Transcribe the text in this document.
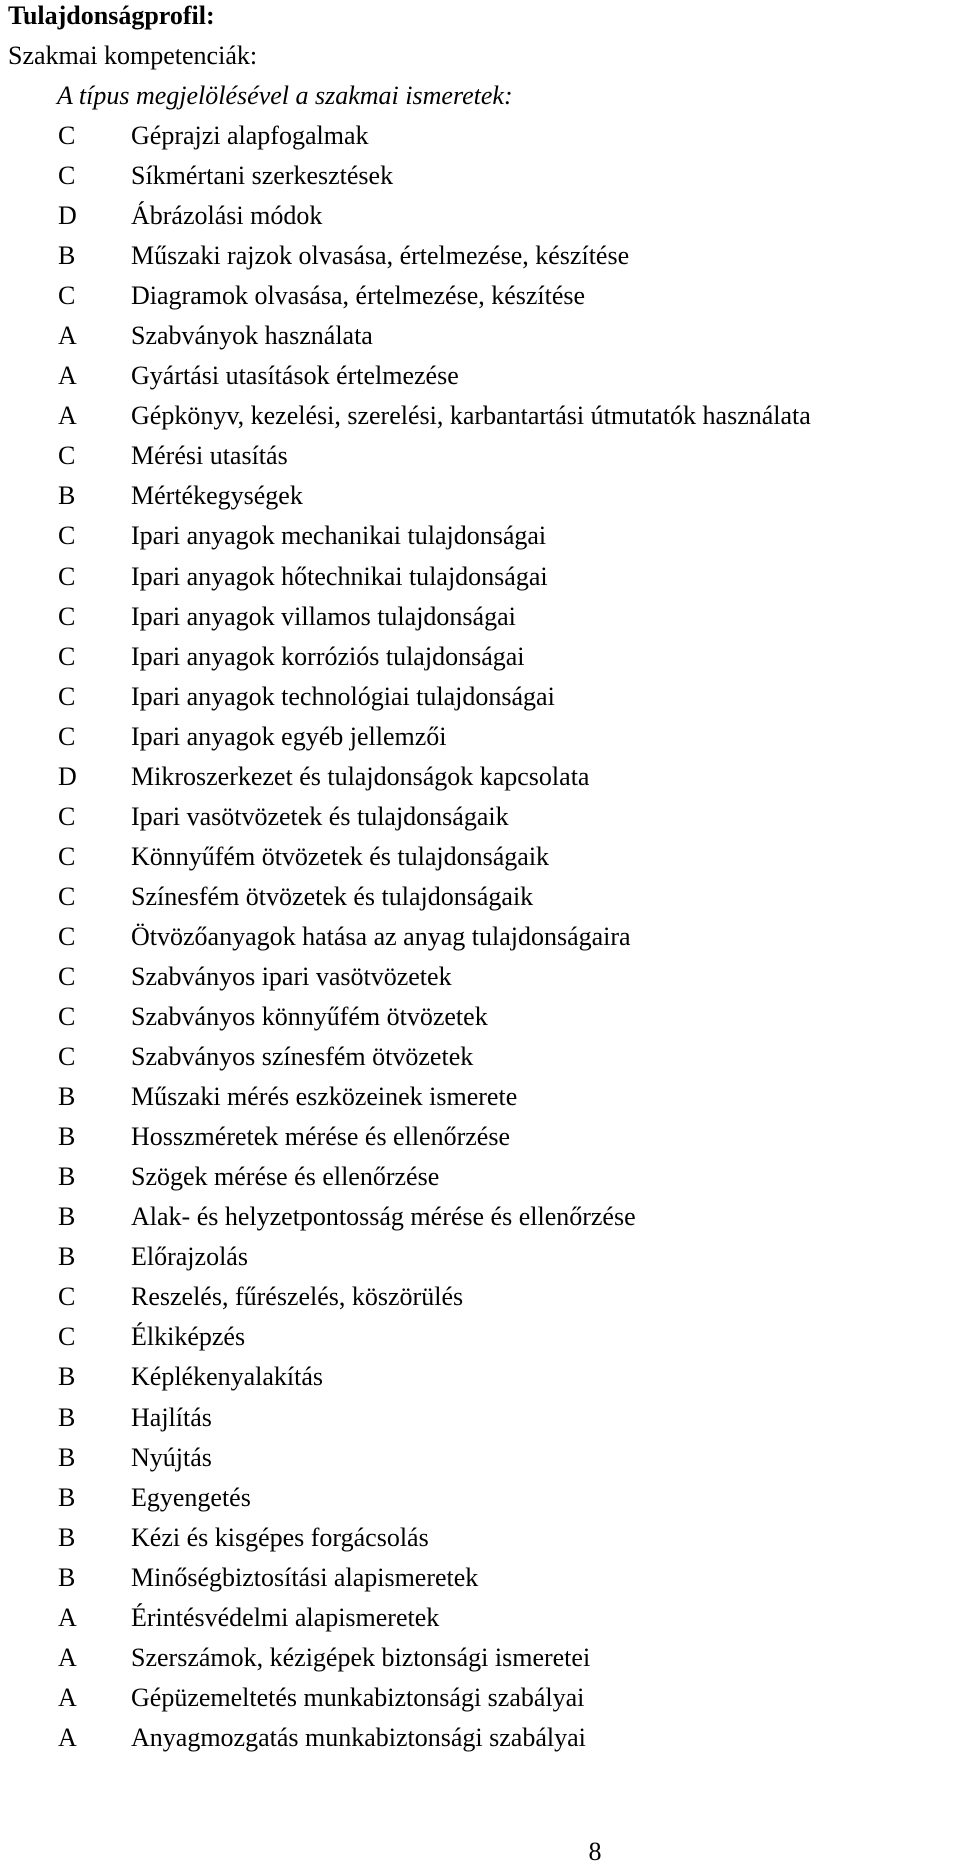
Tulajdonságprofil:
Szakmai kompetenciák:
A típus megjelölésével a szakmai ismeretek:
C	Géprajzi alapfogalmak
C	Síkmértani szerkesztések
D	Ábrázolási módok
B	Műszaki rajzok olvasása, értelmezése, készítése
C	Diagramok olvasása, értelmezése, készítése
A	Szabványok használata
A	Gyártási utasítások értelmezése
A	Gépkönyv, kezelési, szerelési, karbantartási útmutatók használata
C	Mérési utasítás
B	Mértékegységek
C	Ipari anyagok mechanikai tulajdonságai
C	Ipari anyagok hőtechnikai tulajdonságai
C	Ipari anyagok villamos tulajdonságai
C	Ipari anyagok korróziós tulajdonságai
C	Ipari anyagok technológiai tulajdonságai
C	Ipari anyagok egyéb jellemzői
D	Mikroszerkezet és tulajdonságok kapcsolata
C	Ipari vasötvözetek és tulajdonságaik
C	Könnyűfém ötvözetek és tulajdonságaik
C	Színesfém ötvözetek és tulajdonságaik
C	Ötvözőanyagok hatása az anyag tulajdonságaira
C	Szabványos ipari vasötvözetek
C	Szabványos könnyűfém ötvözetek
C	Szabványos színesfém ötvözetek
B	Műszaki mérés eszközeinek ismerete
B	Hosszméretek mérése és ellenőrzése
B	Szögek mérése és ellenőrzése
B	Alak- és helyzetpontosság mérése és ellenőrzése
B	Előrajzolás
C	Reszelés, fűrészelés, köszörülés
C	Élkiképzés
B	Képlékenyalakítás
B	Hajlítás
B	Nyújtás
B	Egyengetés
B	Kézi és kisgépes forgácsolás
B	Minőségbiztosítási alapismeretek
A	Érintésvédelmi alapismeretek
A	Szerszámok, kézigépek biztonsági ismeretei
A	Gépüzemeltetés munkabiztonsági szabályai
A	Anyagmozgatás munkabiztonsági szabályai
8
